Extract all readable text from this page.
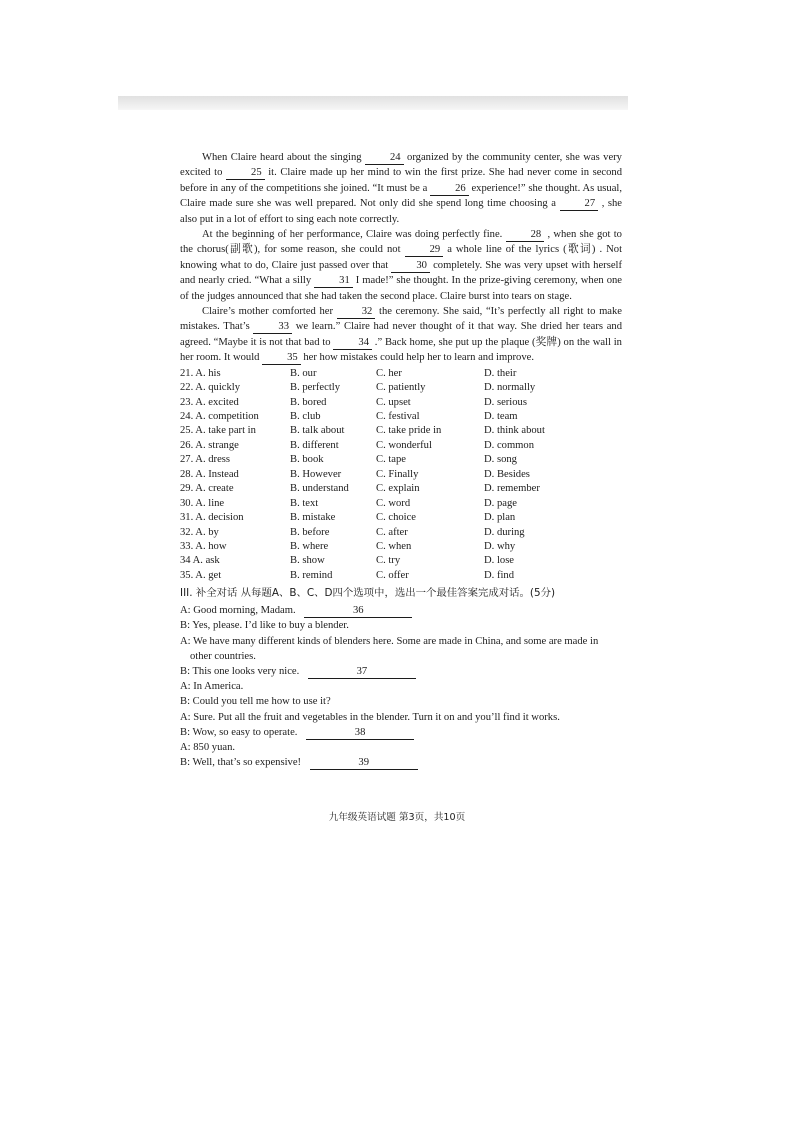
When Claire heard about the singing	24 organized by the community center, she was very excited to	25 it. Claire made up her mind to win the first prize. She had never come in second before in any of the competitions she joined. “It must be a	26 experience!” she thought. As usual, Claire made sure she was well prepared. Not only did she spend long time choosing a	27 , she also put in a lot of effort to sing each note correctly.

At the beginning of her performance, Claire was doing perfectly fine.	28 , when she got to the chorus(副歌), for some reason, she could not	29 a whole line of the lyrics (歌词) . Not knowing what to do, Claire just passed over that	30 completely. She was very upset with herself and nearly cried. “What a silly	31 I made!” she thought. In the prize-giving ceremony, when one of the judges announced that she had taken the second place. Claire burst into tears on stage.

Claire’s mother comforted her	32 the ceremony. She said, “It’s perfectly all right to make mistakes. That’s	33 we learn.” Claire had never thought of it that way. She dried her tears and agreed. “Maybe it is not that bad to	34 .” Back home, she put up the plaque (奖牌) on the wall in her room. It would	35 her how mistakes could help her to learn and improve.

21. A. his	B. our	C. her	D. their
22. A. quickly	B. perfectly	C. patiently	D. normally
23. A. excited	B. bored	C. upset	D. serious
24. A. competition	B. club	C. festival	D. team
25. A. take part in	B. talk about	C. take pride in	D. think about
26. A. strange	B. different	C. wonderful	D. common
27. A. dress	B. book	C. tape	D. song
28. A. Instead	B. However	C. Finally	D. Besides
29. A. create	B. understand	C. explain	D. remember
30. A. line	B. text	C. word	D. page
31. A. decision	B. mistake	C. choice	D. plan
32. A. by	B. before	C. after	D. during
33. A. how	B. where	C. when	D. why
34 A. ask	B. show	C. try	D. lose
35. A. get	B. remind	C. offer	D. find
III. 补全对话 从每题A、B、C、D四个选项中，选出一个最佳答案完成对话。(5分)
A: Good morning, Madam.	36
B: Yes, please. I’d like to buy a blender.
A: We have many different kinds of blenders here. Some are made in China, and some are made in
other countries.
B: This one looks very nice.	37
A: In America.
B: Could you tell me how to use it?
A: Sure. Put all the fruit and vegetables in the blender. Turn it on and you’ll find it works.
B: Wow, so easy to operate.	38
A: 850 yuan.
B: Well, that’s so expensive!	39
九年级英语试题 第3页，共10页
